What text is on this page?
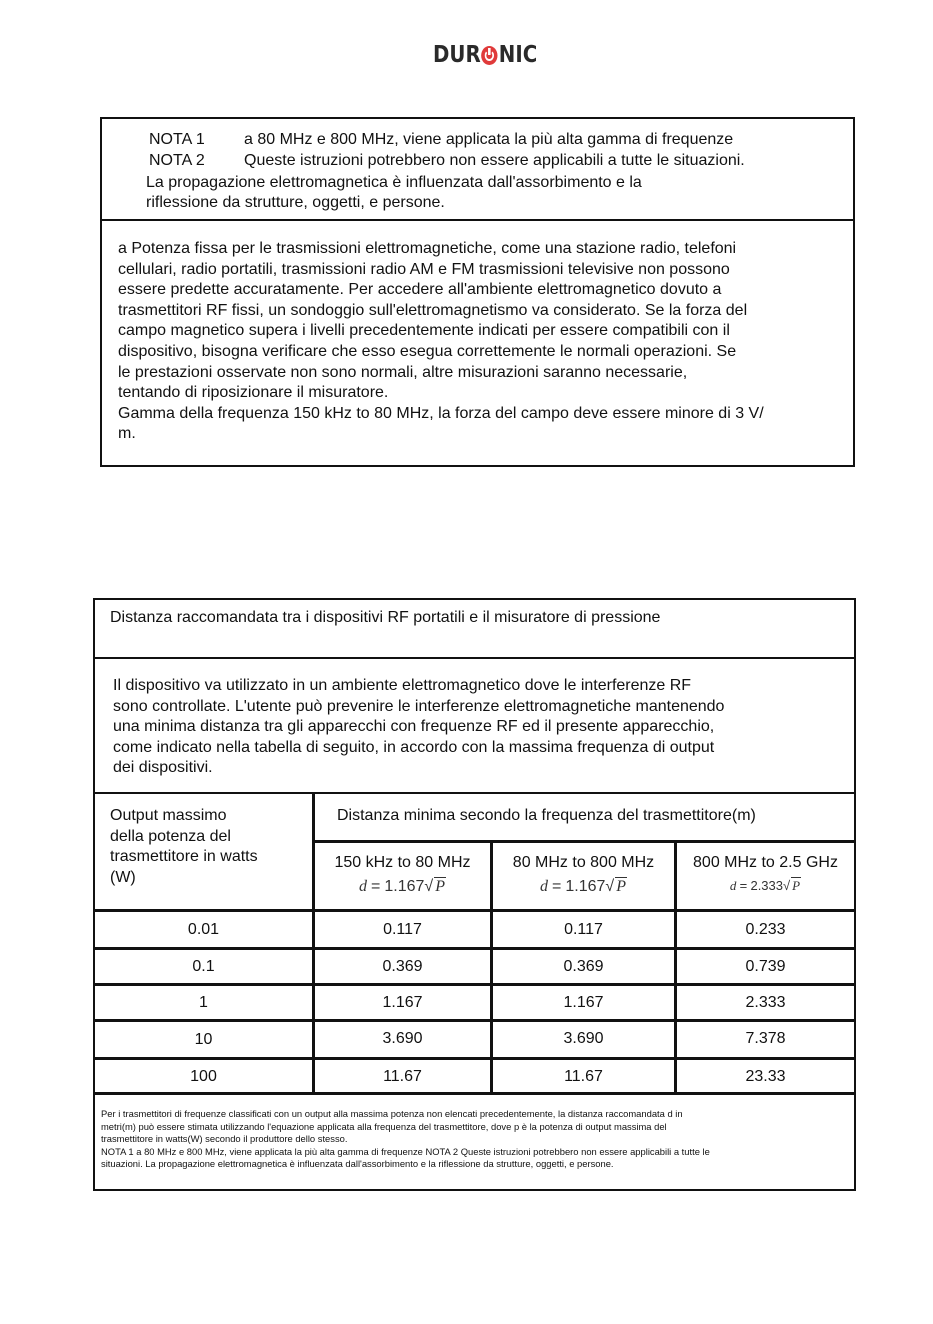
DUR NIC
NOTA 1 a 80 MHz e 800 MHz, viene applicata la più alta gamma di frequenze
NOTA 2 Queste istruzioni potrebbero non essere applicabili a tutte le situazioni.
La propagazione elettromagnetica è influenzata dall'assorbimento e la
riflessione da strutture, oggetti, e persone.
a Potenza fissa per le trasmissioni elettromagnetiche, come una stazione radio, telefoni
cellulari, radio portatili, trasmissioni radio AM e FM trasmissioni televisive non possono
essere predette accuratamente. Per accedere all'ambiente elettromagnetico dovuto a
trasmettitori RF fissi, un sondoggio sull'elettromagnetismo va considerato. Se la forza del
campo magnetico supera i livelli precedentemente indicati per essere compatibili con il
dispositivo, bisogna verificare che esso esegua correttemente le normali operazioni. Se
le prestazioni osservate non sono normali, altre misurazioni saranno necessarie,
tentando di riposizionare il misuratore.
Gamma della frequenza 150 kHz to 80 MHz, la forza del campo deve essere minore di 3 V/
m.
Distanza raccomandata tra i dispositivi RF portatili e il misuratore di pressione
Il dispositivo va utilizzato in un ambiente elettromagnetico dove le interferenze RF
sono controllate. L'utente può prevenire le interferenze elettromagnetiche mantenendo
una minima distanza tra gli apparecchi con frequenze RF ed il presente apparecchio,
come indicato nella tabella di seguito, in accordo con la massima frequenza di output
dei dispositivi.
Output massimo
della potenza del
trasmettitore in watts
(W)
Distanza minima secondo la frequenza del trasmettitore(m)
150 kHz to 80 MHz
d = 1.167√ P
80 MHz to 800 MHz
d = 1.167√ P
800 MHz to 2.5 GHz
d = 2.333√ P
0.01	0.117	0.117	0.233
0.1	0.369	0.369	0.739
1	1.167	1.167	2.333
10	3.690	3.690	7.378
100	11.67	11.67	23.33
Per i trasmettitori di frequenze classificati con un output alla massima potenza non elencati precedentemente, la distanza raccomandata d in
metri(m) può essere stimata utilizzando l'equazione applicata alla frequenza del trasmettitore, dove p è la potenza di output massima del
trasmettitore in watts(W) secondo il produttore dello stesso.
NOTA 1 a 80 MHz e 800 MHz, viene applicata la più alta gamma di frequenze NOTA 2 Queste istruzioni potrebbero non essere applicabili a tutte le
situazioni. La propagazione elettromagnetica è influenzata dall'assorbimento e la riflessione da strutture, oggetti, e persone.
